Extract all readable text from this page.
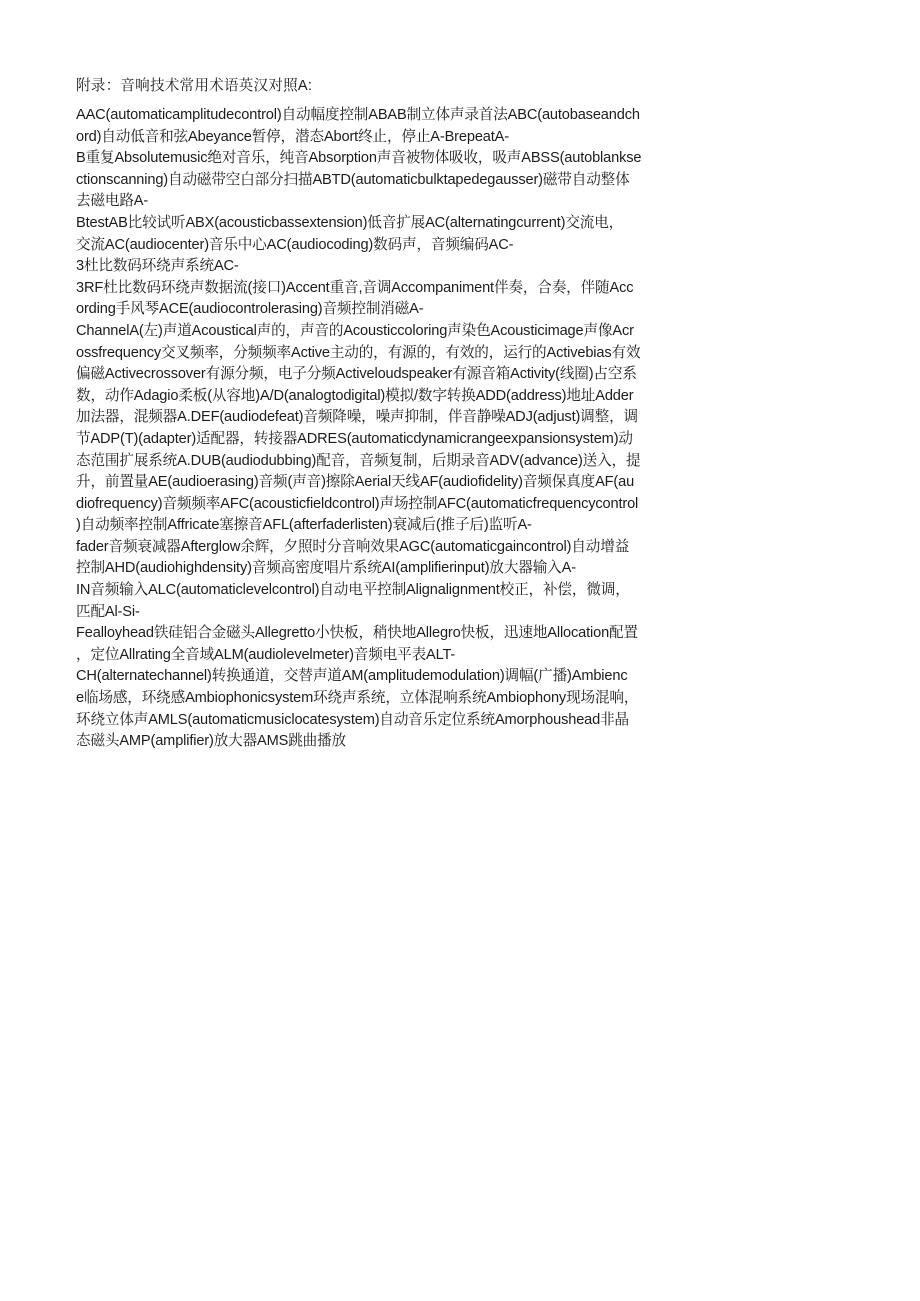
附录：音响技术常用术语英汉对照A:
AAC(automaticamplitudecontrol)自动幅度控制ABAB制立体声录首法ABC(autobaseandch
ord)自动低音和弦Abeyance暂停，潜态Abort终止，停止A-BrepeatA-
B重复Absolutemusic绝对音乐，纯音Absorption声音被物体吸收，吸声ABSS(autoblankse
ctionscanning)自动磁带空白部分扫描ABTD(automaticbulktapedegausser)磁带自动整体
去磁电路A-
BtestAB比较试听ABX(acousticbassextension)低音扩展AC(alternatingcurrent)交流电，
交流AC(audiocenter)音乐中心AC(audiocoding)数码声，音频编码AC-
3杜比数码环绕声系统AC-
3RF杜比数码环绕声数据流(接口)Accent重音,音调Accompaniment伴奏，合奏，伴随Acc
ording手风琴ACE(audiocontrolerasing)音频控制消磁A-
ChannelA(左)声道Acoustical声的，声音的Acousticcoloring声染色Acousticimage声像Acr
ossfrequency交叉频率，分频频率Active主动的，有源的，有效的，运行的Activebias有效
偏磁Activecrossover有源分频，电子分频Activeloudspeaker有源音箱Activity(线圈)占空系
数，动作Adagio柔板(从容地)A/D(analogtodigital)模拟/数字转换ADD(address)地址Adder
加法器，混频器A.DEF(audiodefeat)音频降噪，噪声抑制，伴音静噪ADJ(adjust)调整，调
节ADP(T)(adapter)适配器，转接器ADRES(automaticdynamicrangeexpansionsystem)动
态范围扩展系统A.DUB(audiodubbing)配音，音频复制，后期录音ADV(advance)送入，提
升，前置量AE(audioerasing)音频(声音)擦除Aerial天线AF(audiofidelity)音频保真度AF(au
diofrequency)音频频率AFC(acousticfieldcontrol)声场控制AFC(automaticfrequencycontrol
)自动频率控制Affricate塞擦音AFL(afterfaderlisten)衰减后(推子后)监听A-
fader音频衰减器Afterglow余辉，夕照时分音响效果AGC(automaticgaincontrol)自动增益
控制AHD(audiohighdensity)音频高密度唱片系统AI(amplifierinput)放大器输入A-
IN音频输入ALC(automaticlevelcontrol)自动电平控制Alignalignment校正，补偿，微调，
匹配Al-Si-
Fealloyhead铁硅铝合金磁头Allegretto小快板，稍快地Allegro快板，迅速地Allocation配置
，定位Allrating全音域ALM(audiolevelmeter)音频电平表ALT-
CH(alternatechannel)转换通道，交替声道AM(amplitudemodulation)调幅(广播)Ambienc
e临场感，环绕感Ambiophonicsystem环绕声系统，立体混响系统Ambiophony现场混响，
环绕立体声AMLS(automaticmusiclocatesystem)自动音乐定位系统Amorphoushead非晶
态磁头AMP(amplifier)放大器AMS跳曲播放
